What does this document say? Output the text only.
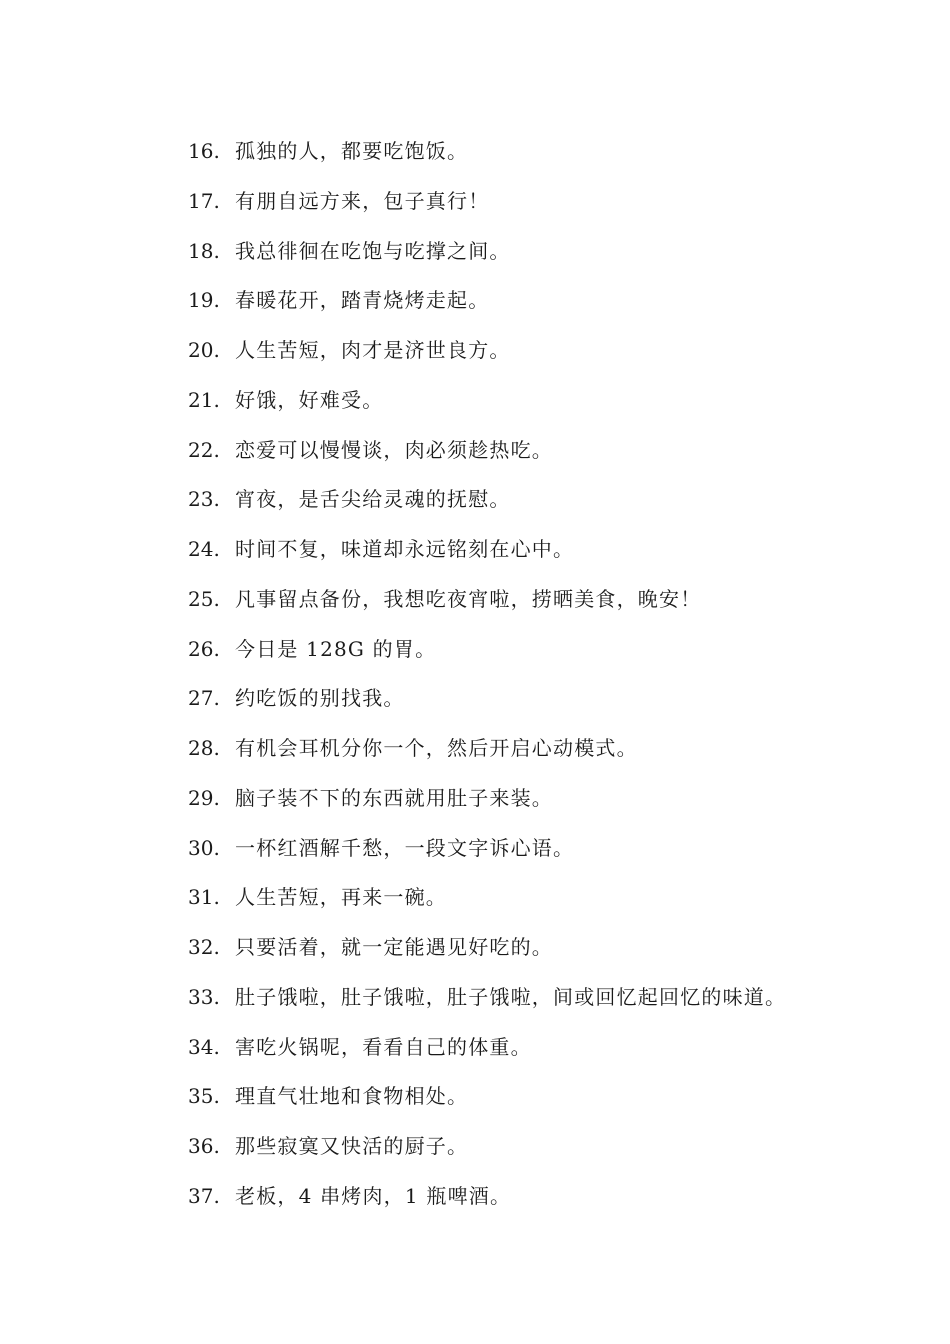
16. 孤独的人，都要吃饱饭。
17. 有朋自远方来，包子真行！
18. 我总徘徊在吃饱与吃撑之间。
19. 春暖花开，踏青烧烤走起。
20. 人生苦短，肉才是济世良方。
21. 好饿，好难受。
22. 恋爱可以慢慢谈，肉必须趁热吃。
23. 宵夜，是舌尖给灵魂的抚慰。
24. 时间不复，味道却永远铭刻在心中。
25. 凡事留点备份，我想吃夜宵啦，捞晒美食，晚安！
26. 今日是 128G 的胃。
27. 约吃饭的别找我。
28. 有机会耳机分你一个，然后开启心动模式。
29. 脑子装不下的东西就用肚子来装。
30. 一杯红酒解千愁，一段文字诉心语。
31. 人生苦短，再来一碗。
32. 只要活着，就一定能遇见好吃的。
33. 肚子饿啦，肚子饿啦，肚子饿啦，间或回忆起回忆的味道。
34. 害吃火锅呢，看看自己的体重。
35. 理直气壮地和食物相处。
36. 那些寂寞又快活的厨子。
37. 老板，4 串烤肉，1 瓶啤酒。
